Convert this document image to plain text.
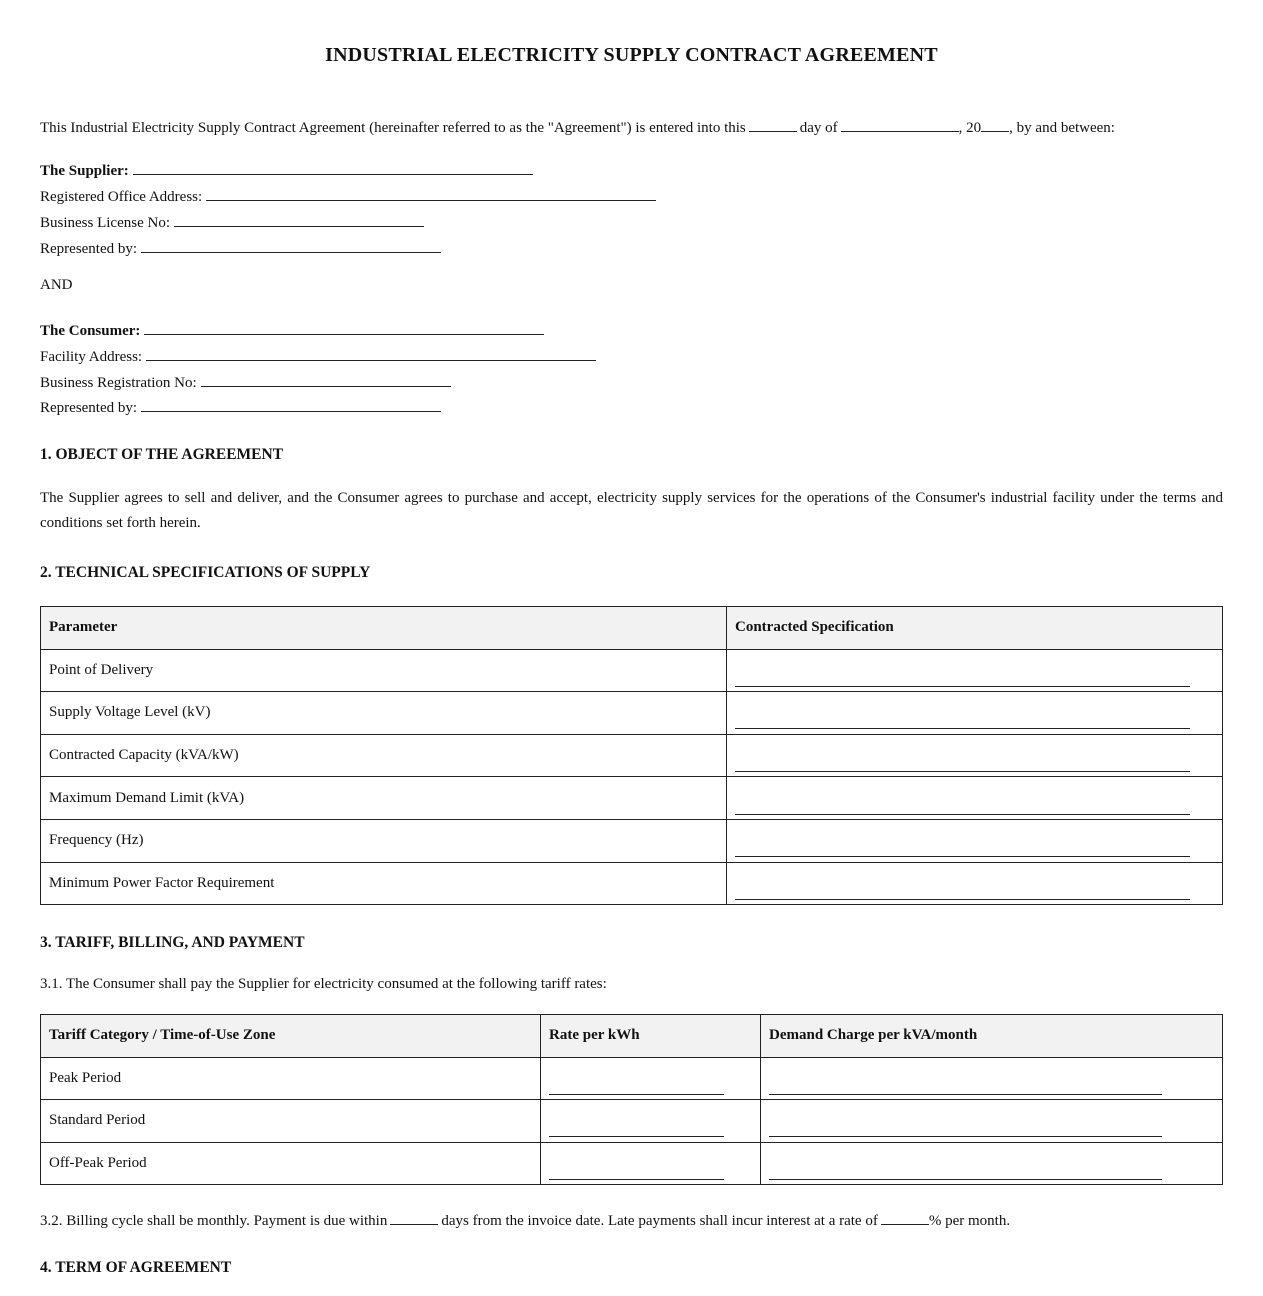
INDUSTRIAL ELECTRICITY SUPPLY CONTRACT AGREEMENT
This Industrial Electricity Supply Contract Agreement (hereinafter referred to as the "Agreement") is entered into this	day of	, 20 , by and between:
The Supplier:
Registered Office Address:
Business License No:
Represented by:
AND
The Consumer:
Facility Address:
Business Registration No:
Represented by:
1. OBJECT OF THE AGREEMENT
The Supplier agrees to sell and deliver, and the Consumer agrees to purchase and accept, electricity supply services for the operations of the Consumer's industrial facility under the terms and conditions set forth herein.
2. TECHNICAL SPECIFICATIONS OF SUPPLY
Parameter	Contracted Specification
Point of Delivery	

Supply Voltage Level (kV)	

Contracted Capacity (kVA/kW)	

Maximum Demand Limit (kVA)	

Frequency (Hz)	

Minimum Power Factor Requirement	
3. TARIFF, BILLING, AND PAYMENT
3.1. The Consumer shall pay the Supplier for electricity consumed at the following tariff rates:
Tariff Category / Time-of-Use Zone	Rate per kWh	Demand Charge per kVA/month
Peak Period	

Standard Period	

Off-Peak Period	

3.2. Billing cycle shall be monthly. Payment is due within	days from the invoice date. Late payments shall incur interest at a rate of	% per month.
4. TERM OF AGREEMENT
